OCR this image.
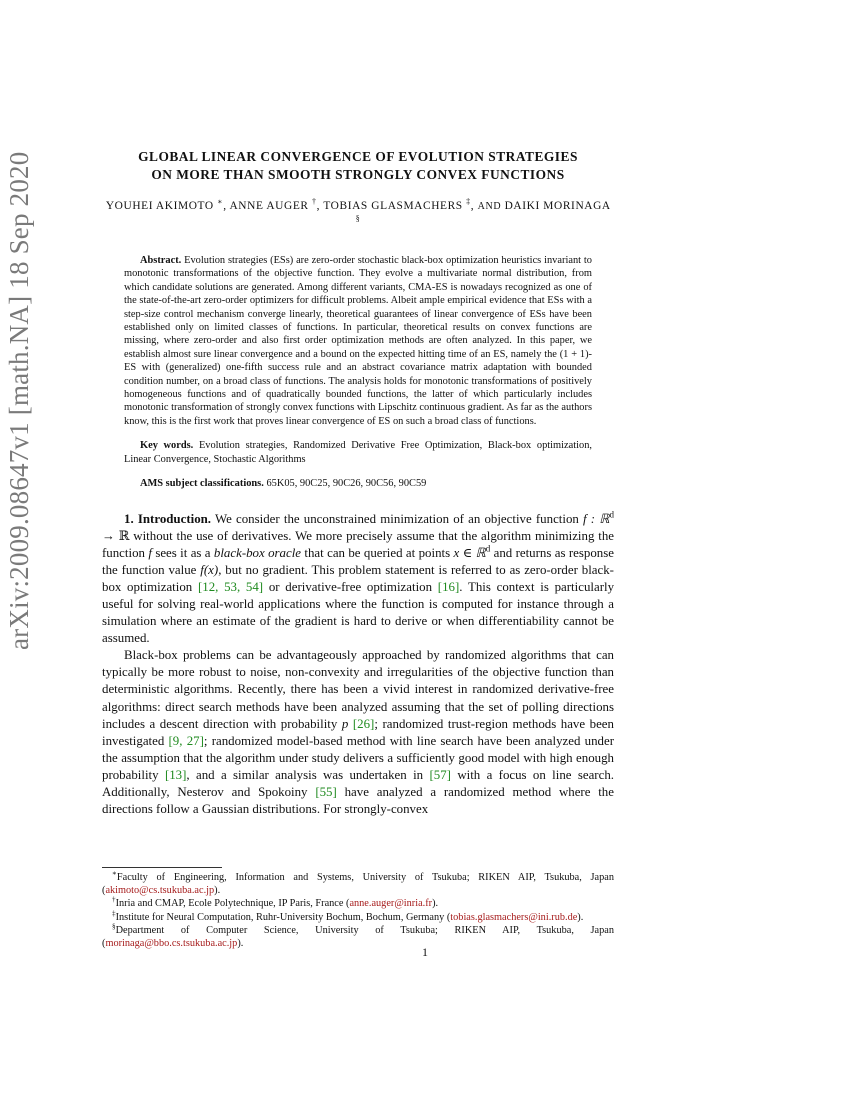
arXiv:2009.08647v1 [math.NA] 18 Sep 2020	GLOBAL LINEAR CONVERGENCE OF EVOLUTION STRATEGIES
ON MORE THAN SMOOTH STRONGLY CONVEX FUNCTIONS
YOUHEI AKIMOTO ∗, ANNE AUGER †, TOBIAS GLASMACHERS ‡, AND DAIKI MORINAGA §
Abstract. Evolution strategies (ESs) are zero-order stochastic black-box optimization heuristics invariant to monotonic transformations of the objective function. They evolve a multivariate normal distribution, from which candidate solutions are generated. Among different variants, CMA-ES is nowadays recognized as one of the state-of-the-art zero-order optimizers for difficult problems. Albeit ample empirical evidence that ESs with a step-size control mechanism converge linearly, theoretical guarantees of linear convergence of ESs have been established only on limited classes of functions. In particular, theoretical results on convex functions are missing, where zero-order and also first order optimization methods are often analyzed. In this paper, we establish almost sure linear convergence and a bound on the expected hitting time of an ES, namely the (1 + 1)-ES with (generalized) one-fifth success rule and an abstract covariance matrix adaptation with bounded condition number, on a broad class of functions. The analysis holds for monotonic transformations of positively homogeneous functions and of quadratically bounded functions, the latter of which particularly includes monotonic transformation of strongly convex functions with Lipschitz continuous gradient. As far as the authors know, this is the first work that proves linear convergence of ES on such a broad class of functions.
Key words. Evolution strategies, Randomized Derivative Free Optimization, Black-box optimization, Linear Convergence, Stochastic Algorithms
AMS subject classifications. 65K05, 90C25, 90C26, 90C56, 90C59

1. Introduction. We consider the unconstrained minimization of an objective function f : ℝ$^d$ → ℝ without the use of derivatives. We more precisely assume that the algorithm minimizing the function f sees it as a black-box oracle that can be queried at points x ∈ ℝ$^d$ and returns as response the function value f(x), but no gradient. This problem statement is referred to as zero-order black-box optimization [12, 53, 54] or derivative-free optimization [16]. This context is particularly useful for solving real-world applications where the function is computed for instance through a simulation where an estimate of the gradient is hard to derive or when differentiability cannot be assumed.

Black-box problems can be advantageously approached by randomized algorithms that can typically be more robust to noise, non-convexity and irregularities of the objective function than deterministic algorithms. Recently, there has been a vivid interest in randomized derivative-free algorithms: direct search methods have been analyzed assuming that the set of polling directions includes a descent direction with probability p [26]; randomized trust-region methods have been investigated [9, 27]; randomized model-based method with line search have been analyzed under the assumption that the algorithm under study delivers a sufficiently good model with high enough probability [13], and a similar analysis was undertaken in [57] with a focus on line search. Additionally, Nesterov and Spokoiny [55] have analyzed a randomized method where the directions follow a Gaussian distributions. For strongly-convex

∗Faculty of Engineering, Information and Systems, University of Tsukuba; RIKEN AIP, Tsukuba, Japan (akimoto@cs.tsukuba.ac.jp).

†Inria and CMAP, Ecole Polytechnique, IP Paris, France (anne.auger@inria.fr).

‡Institute for Neural Computation, Ruhr-University Bochum, Bochum, Germany (tobias.glasmachers@ini.rub.de).

§Department of Computer Science, University of Tsukuba; RIKEN AIP, Tsukuba, Japan (morinaga@bbo.cs.tsukuba.ac.jp).

1
